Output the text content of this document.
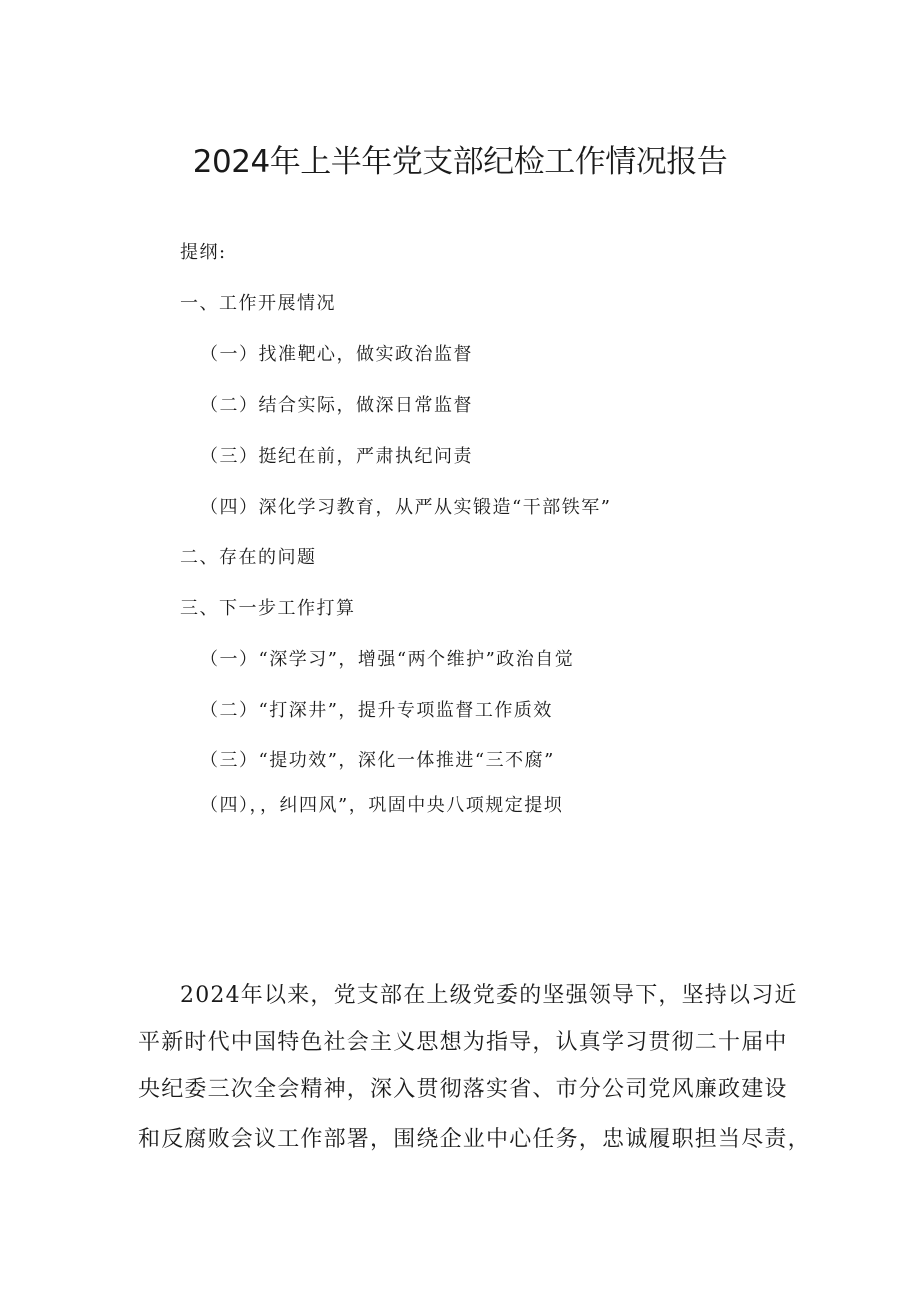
2024年上半年党支部纪检工作情况报告
提纲:
一、工作开展情况
（一）找准靶心，做实政治监督
（二）结合实际，做深日常监督
（三）挺纪在前，严肃执纪问责
（四）深化学习教育，从严从实锻造“干部铁军”
二、存在的问题
三、下一步工作打算
（一）“深学习”，增强“两个维护”政治自觉
（二）“打深井”，提升专项监督工作质效
（三）“提功效”，深化一体推进“三不腐”
（四），，纠四风”，巩固中央八项规定提坝
2024年以来，党支部在上级党委的坚强领导下，坚持以习近
平新时代中国特色社会主义思想为指导，认真学习贯彻二十届中
央纪委三次全会精神，深入贯彻落实省、市分公司党风廉政建设
和反腐败会议工作部署，围绕企业中心任务，忠诚履职担当尽责，
